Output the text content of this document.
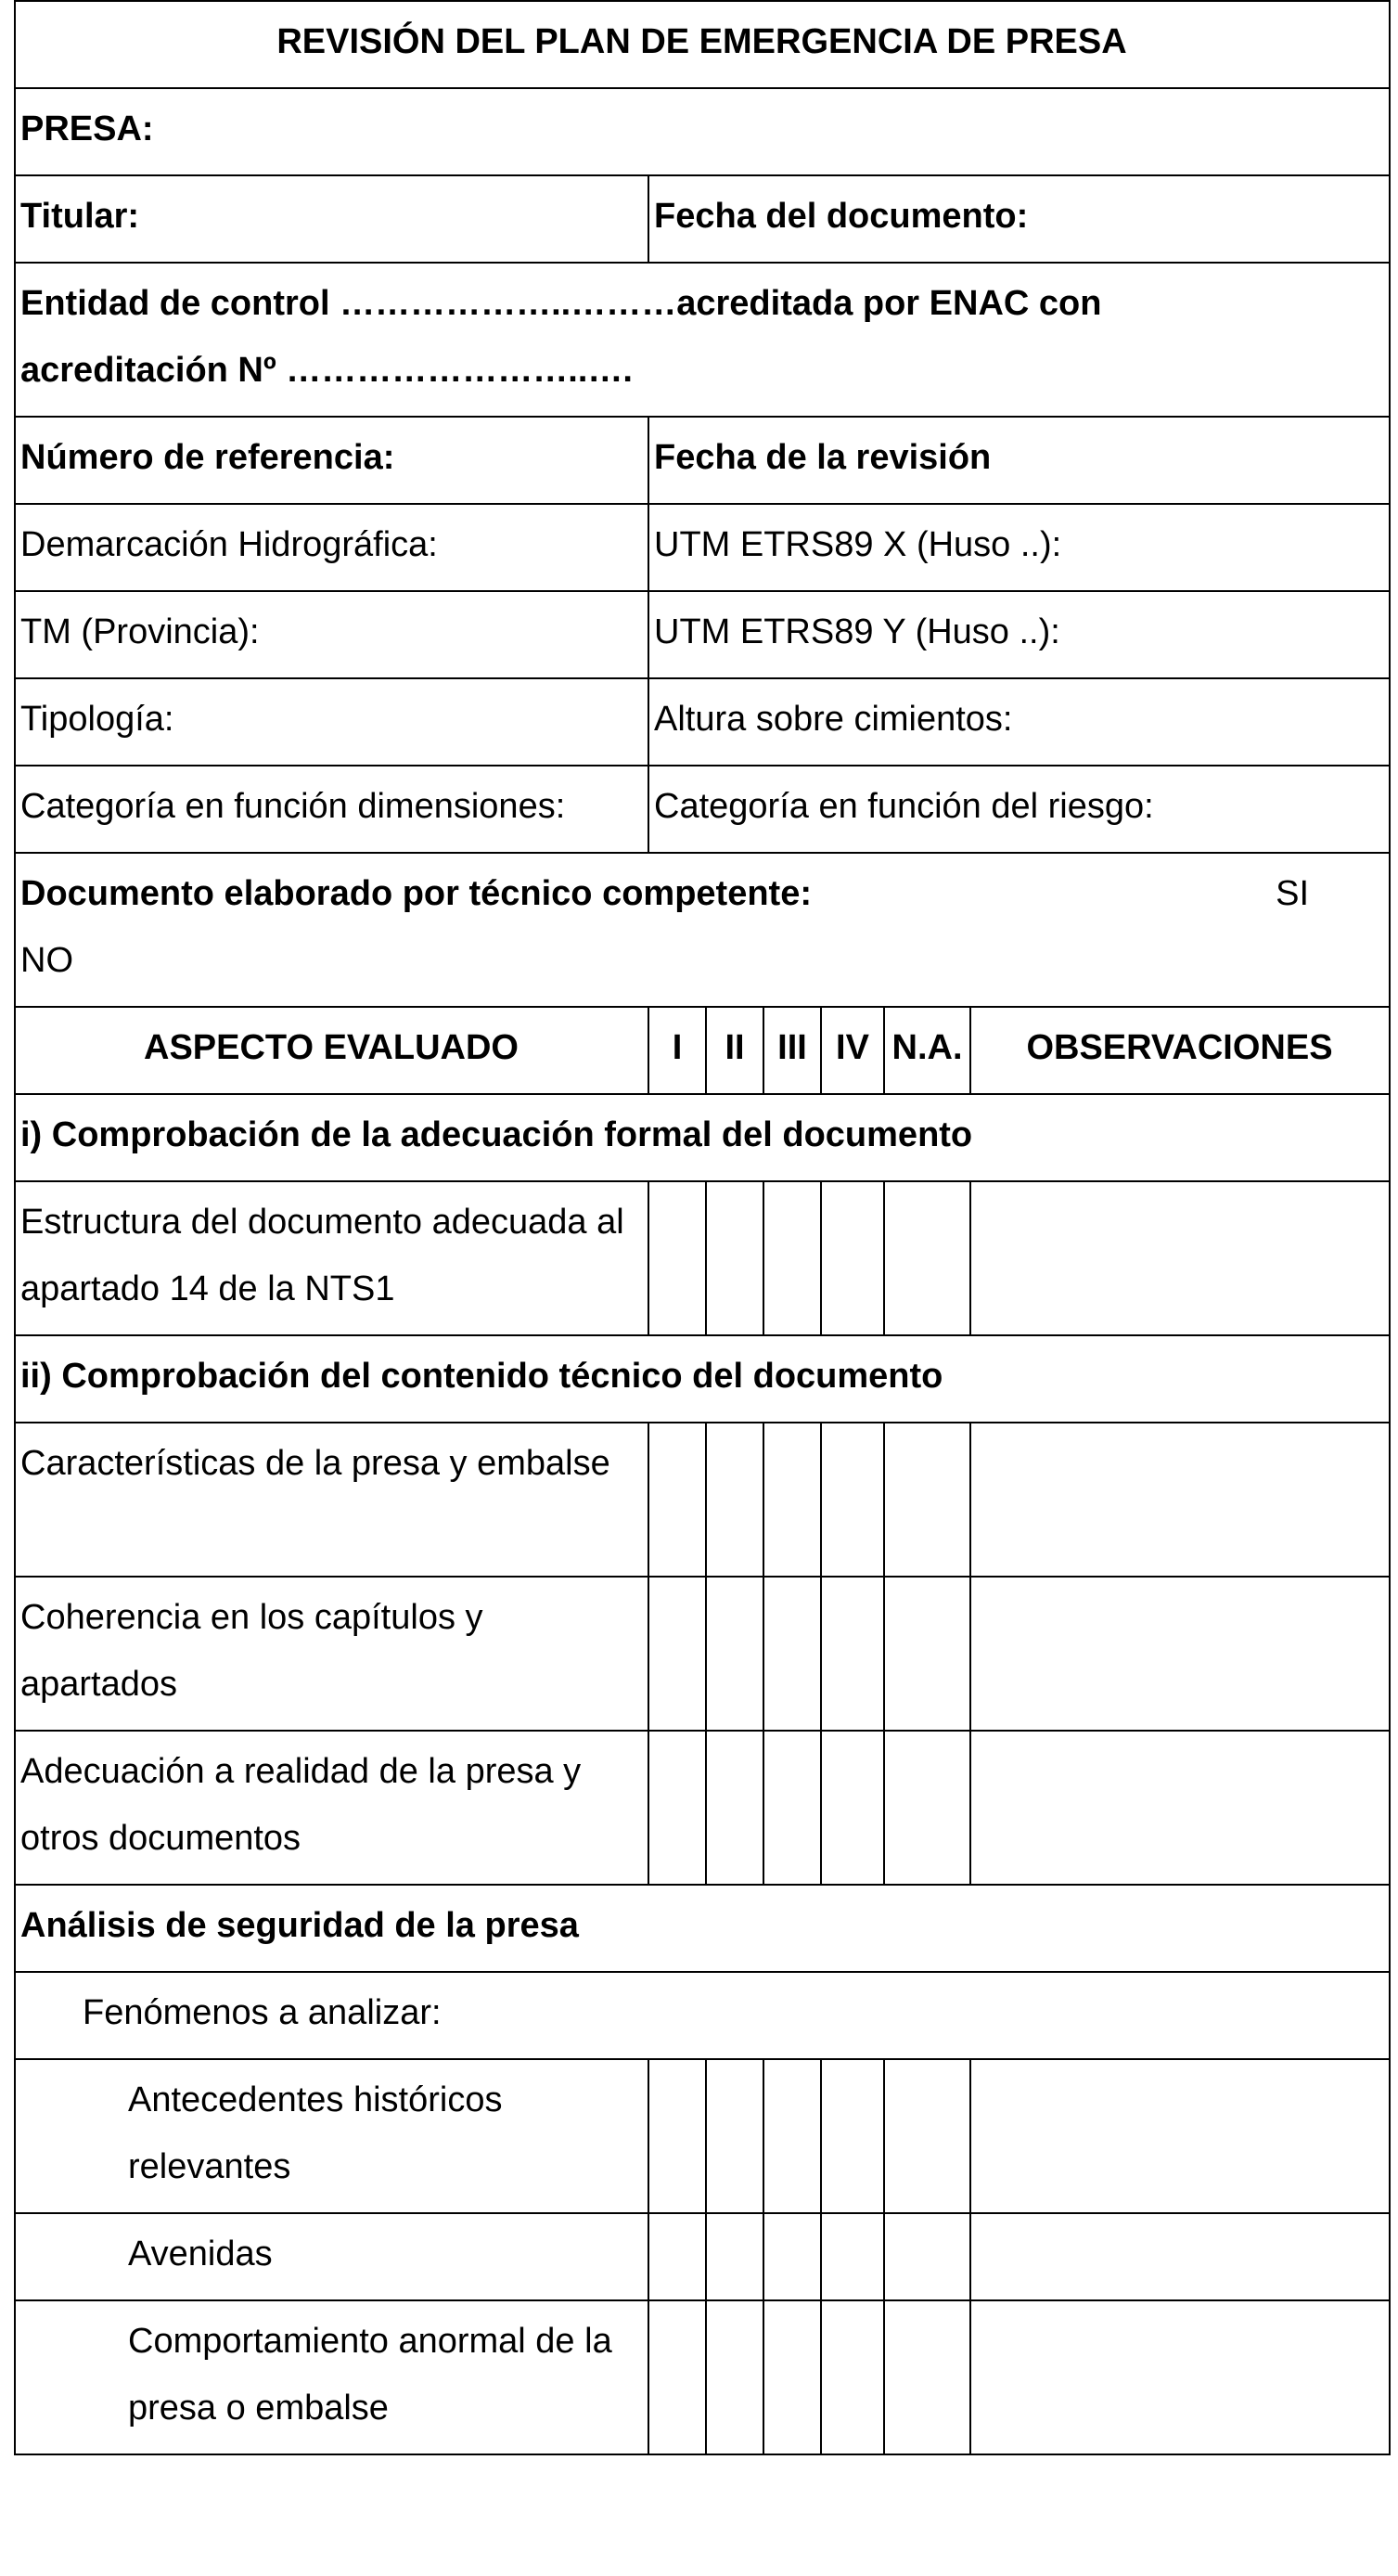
REVISIÓN DEL PLAN DE EMERGENCIA DE PRESA						
PRESA:						
Titular:	Fecha del documento:					

Entidad de control ………………..………acreditada por ENAC con
acreditación Nº ……………………..….						

Número de referencia:	Fecha de la revisión					
Demarcación Hidrográfica:	UTM ETRS89 X (Huso ..):					
TM (Provincia):	UTM ETRS89 Y (Huso ..):					
Tipología:	Altura sobre cimientos:					
Categoría en función dimensiones:	Categoría en función del riesgo:					

Documento elaborado por técnico competente: SI
NO						

ASPECTO EVALUADO	I	II	III	IV	N.A.	OBSERVACIONES
i) Comprobación de la adecuación formal del documento						
Estructura del documento adecuada al apartado 14 de la NTS1						
ii) Comprobación del contenido técnico del documento						
Características de la presa y embalse						
Coherencia en los capítulos y apartados						
Adecuación a realidad de la presa y otros documentos						
Análisis de seguridad de la presa						
Fenómenos a analizar:						
Antecedentes históricos relevantes						
Avenidas						
Comportamiento anormal de la presa o embalse						
